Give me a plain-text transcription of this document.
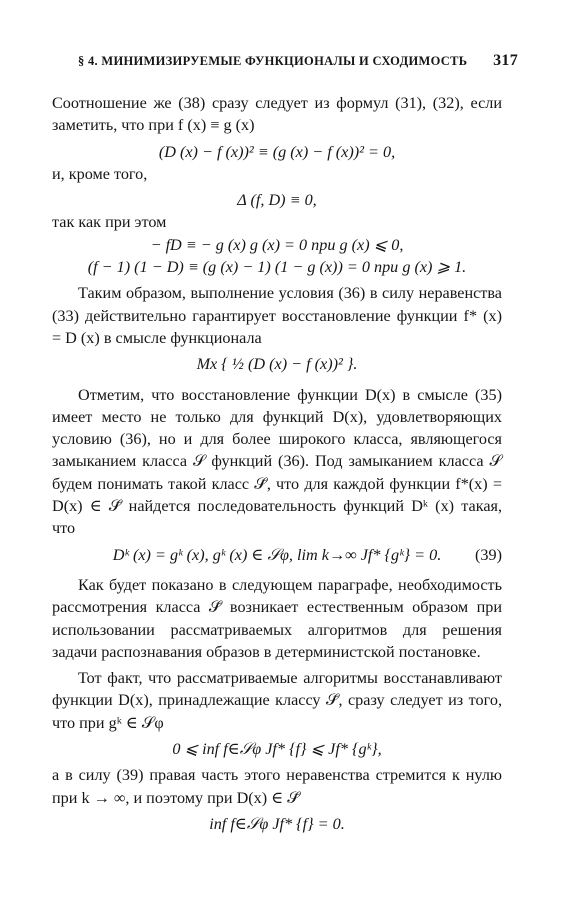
§ 4. МИНИМИЗИРУЕМЫЕ ФУНКЦИОНАЛЫ И СХОДИМОСТЬ 317

Соотношение же (38) сразу следует из формул (31), (32), если заметить, что при f (x) ≡ g (x)

(D (x) − f (x))² ≡ (g (x) − f (x))² = 0,

и, кроме того,

Δ (f, D) ≡ 0,

так как при этом

− fD ≡ − g (x) g (x) = 0 при g (x) ⩽ 0,

(f − 1) (1 − D) ≡ (g (x) − 1) (1 − g (x)) = 0 при g (x) ⩾ 1.

Таким образом, выполнение условия (36) в силу неравенства (33) действительно гарантирует восстановление функции f* (x) = D (x) в смысле функционала

Mx { ½ (D (x) − f (x))² }.

Отметим, что восстановление функции D(x) в смысле (35) имеет место не только для функций D(x), удовлетворяющих условию (36), но и для более широкого класса, являющегося замыканием класса 𝒮 функций (36). Под замыканием класса 𝒮 будем понимать такой класс 𝒮̃, что для каждой функции f*(x) = D(x) ∈ 𝒮̃ найдется последовательность функций Dᵏ (x) такая, что

Dᵏ (x) = gᵏ (x), gᵏ (x) ∈ 𝒮φ, lim k→∞ Jf* {gᵏ} = 0.	(39)

Как будет показано в следующем параграфе, необходимость рассмотрения класса 𝒮̃ возникает естественным образом при использовании рассматриваемых алгоритмов для решения задачи распознавания образов в детерминистской постановке.

Тот факт, что рассматриваемые алгоритмы восстанавливают функции D(x), принадлежащие классу 𝒮̃, сразу следует из того, что при gᵏ ∈ 𝒮φ

0 ⩽ inf f∈𝒮φ Jf* {f} ⩽ Jf* {gᵏ},

а в силу (39) правая часть этого неравенства стремится к нулю при k → ∞, и поэтому при D(x) ∈ 𝒮̃

inf f∈𝒮φ Jf* {f} = 0.
